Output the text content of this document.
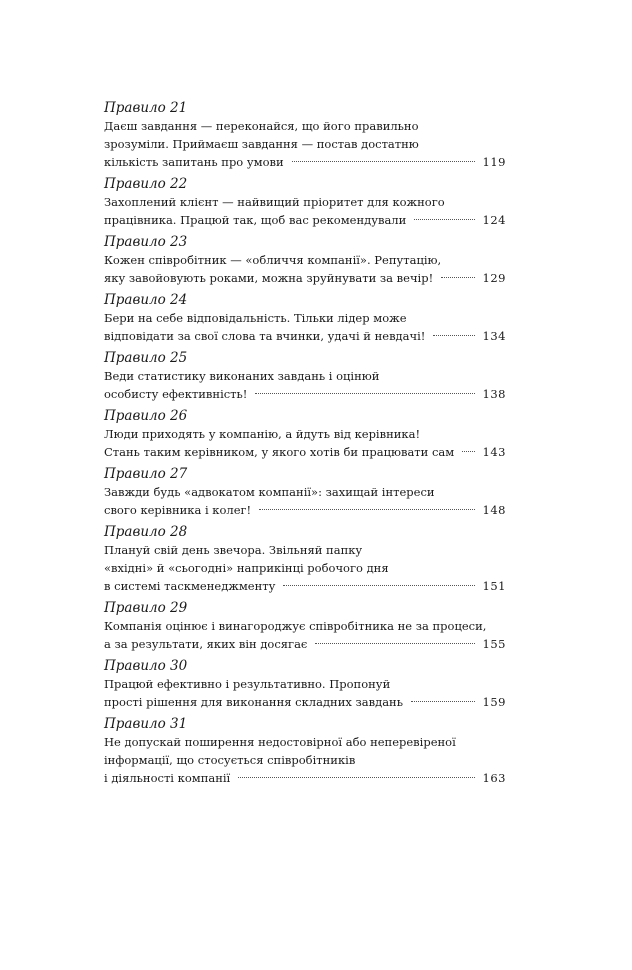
Правило 21
Даєш завдання — переконайся, що його правильно
зрозуміли. Приймаєш завдання — постав достатню
кількість запитань про умови	119
Правило 22
Захоплений клієнт — найвищий пріоритет для кожного
працівника. Працюй так, щоб вас рекомендували	124
Правило 23
Кожен співробітник — «обличчя компанії». Репутацію,
яку завойовують роками, можна зруйнувати за вечір!	129
Правило 24
Бери на себе відповідальність. Тільки лідер може
відповідати за свої слова та вчинки, удачі й невдачі!	134
Правило 25
Веди статистику виконаних завдань і оцінюй
особисту ефективність!	138
Правило 26
Люди приходять у компанію, а йдуть від керівника!
Стань таким керівником, у якого хотів би працювати сам 143
Правило 27
Завжди будь «адвокатом компанії»: захищай інтереси
свого керівника і колег!	148
Правило 28
Плануй свій день звечора. Звільняй папку
«вхідні» й «сьогодні» наприкінці робочого дня
в системі таскменеджменту	151
Правило 29
Компанія оцінює і винагороджує співробітника не за процеси,
а за результати, яких він досягає	155
Правило 30
Працюй ефективно і результативно. Пропонуй
прості рішення для виконання складних завдань	159
Правило 31
Не допускай поширення недостовірної або неперевіреної
інформації, що стосується співробітників
і діяльності компанії	163
